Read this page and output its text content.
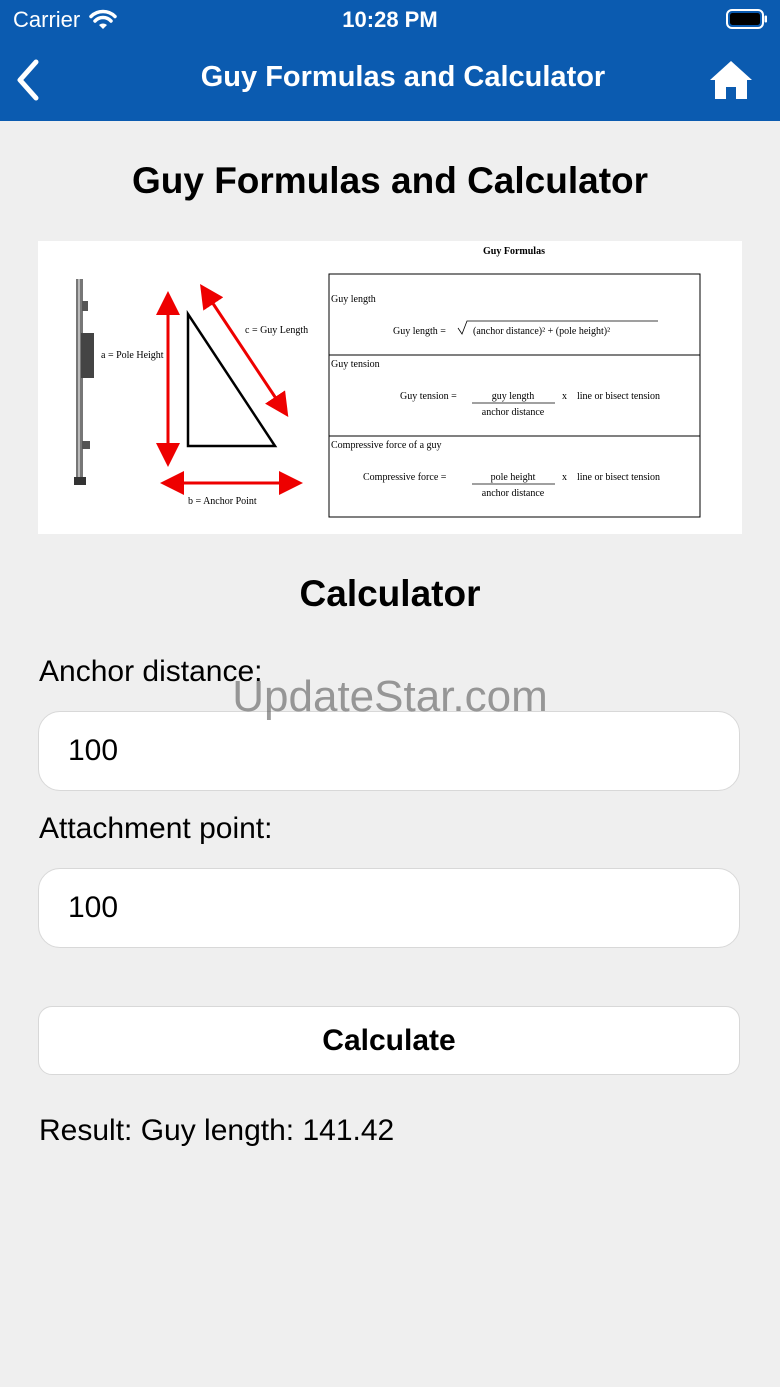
Carrier	10:28 PM
Guy Formulas and Calculator
Guy Formulas and Calculator
a = Pole Height
c = Guy Length
b = Anchor Point
Guy Formulas
Guy length
Guy length =	(anchor distance)² + (pole height)²
Guy tension
Guy tension =	guy length
anchor distance
x line or bisect tension
Compressive force of a guy
Compressive force =	pole height
anchor distance
x line or bisect tension
Calculator
Anchor distance:
100
Attachment point:
100
Calculate
Result: Guy length: 141.42
UpdateStar.com
